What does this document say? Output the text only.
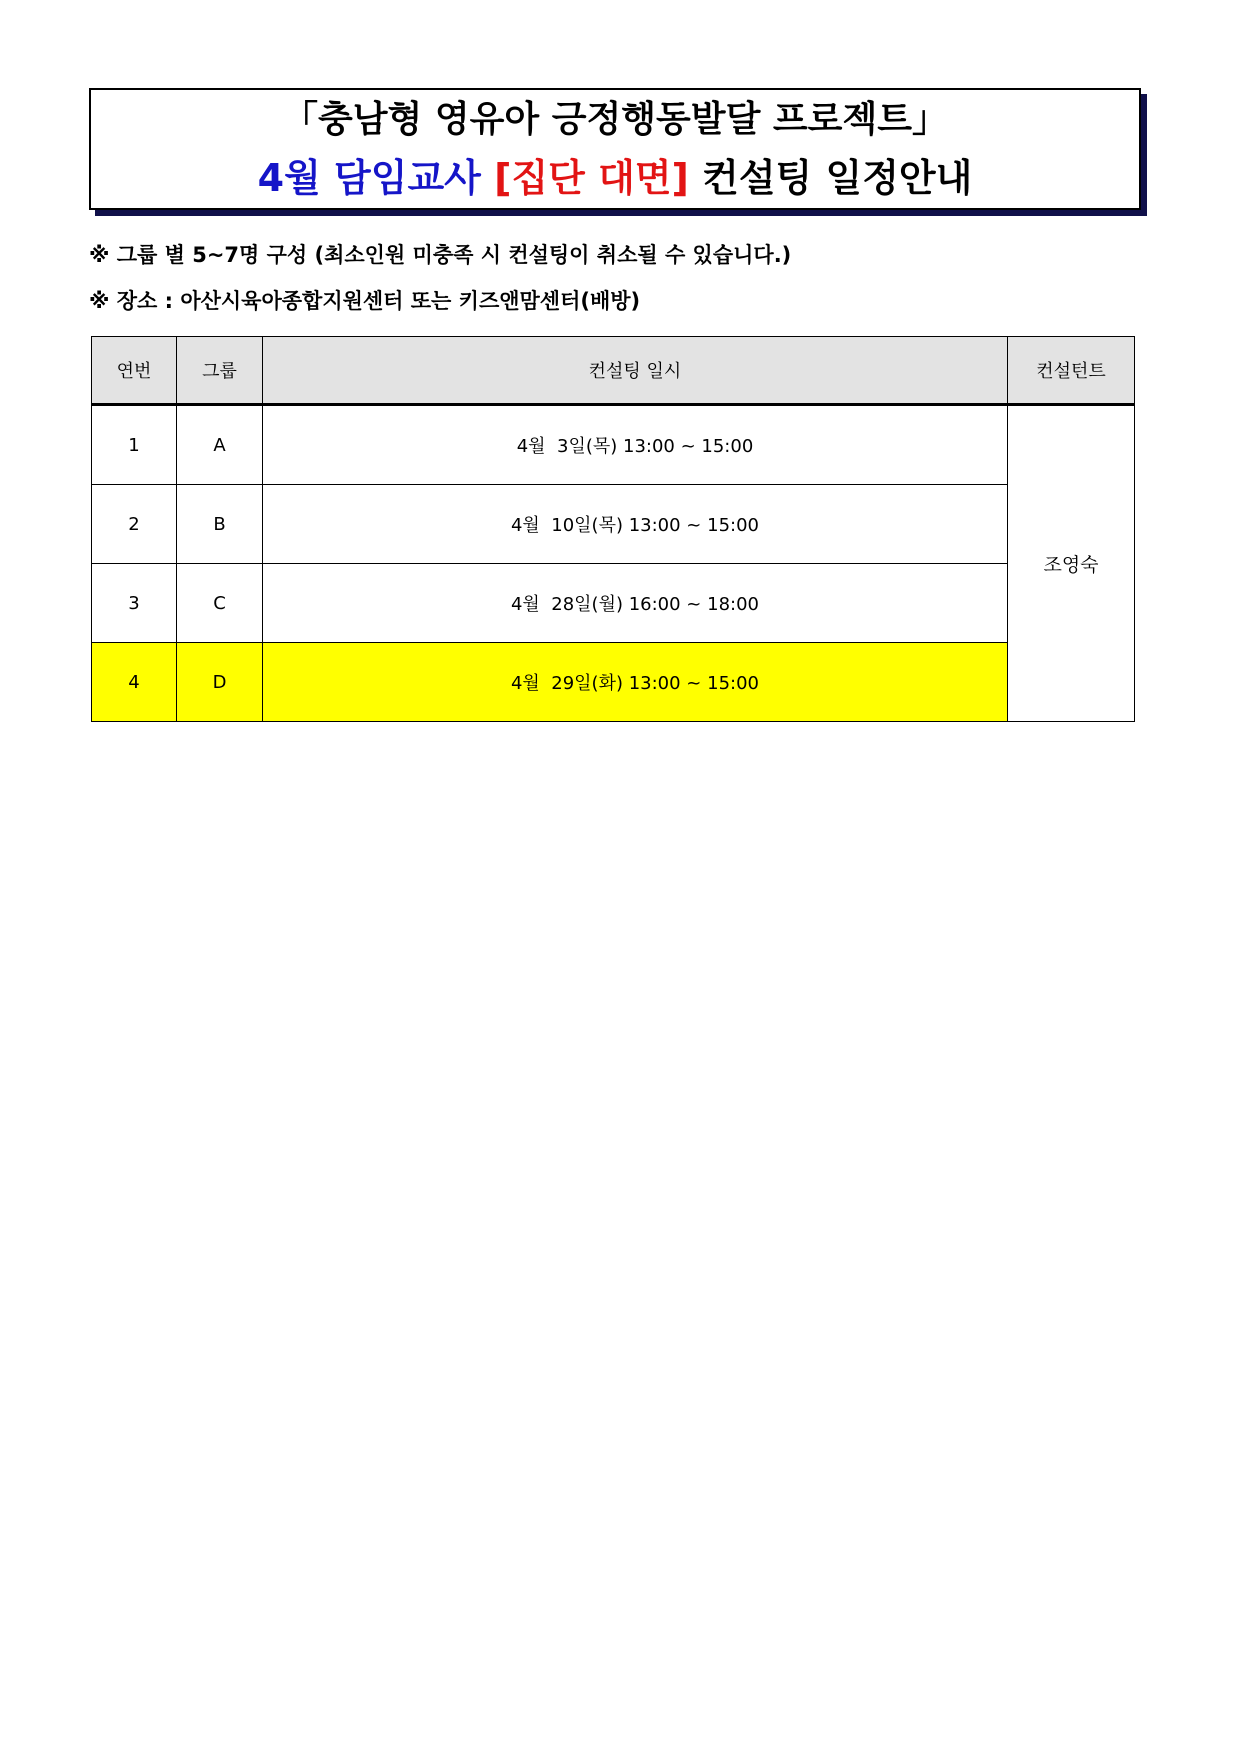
「충남형 영유아 긍정행동발달 프로젝트」
4월 담임교사 [집단 대면] 컨설팅 일정안내
※ 그룹 별 5~7명 구성 (최소인원 미충족 시 컨설팅이 취소될 수 있습니다.)
※ 장소 : 아산시육아종합지원센터 또는 키즈앤맘센터(배방)
연번	그룹	컨설팅 일시	컨설턴트
1	A	4월  3일(목) 13:00 ~ 15:00	조영숙
2	B	4월  10일(목) 13:00 ~ 15:00	
3	C	4월  28일(월) 16:00 ~ 18:00	
4	D	4월  29일(화) 13:00 ~ 15:00	
